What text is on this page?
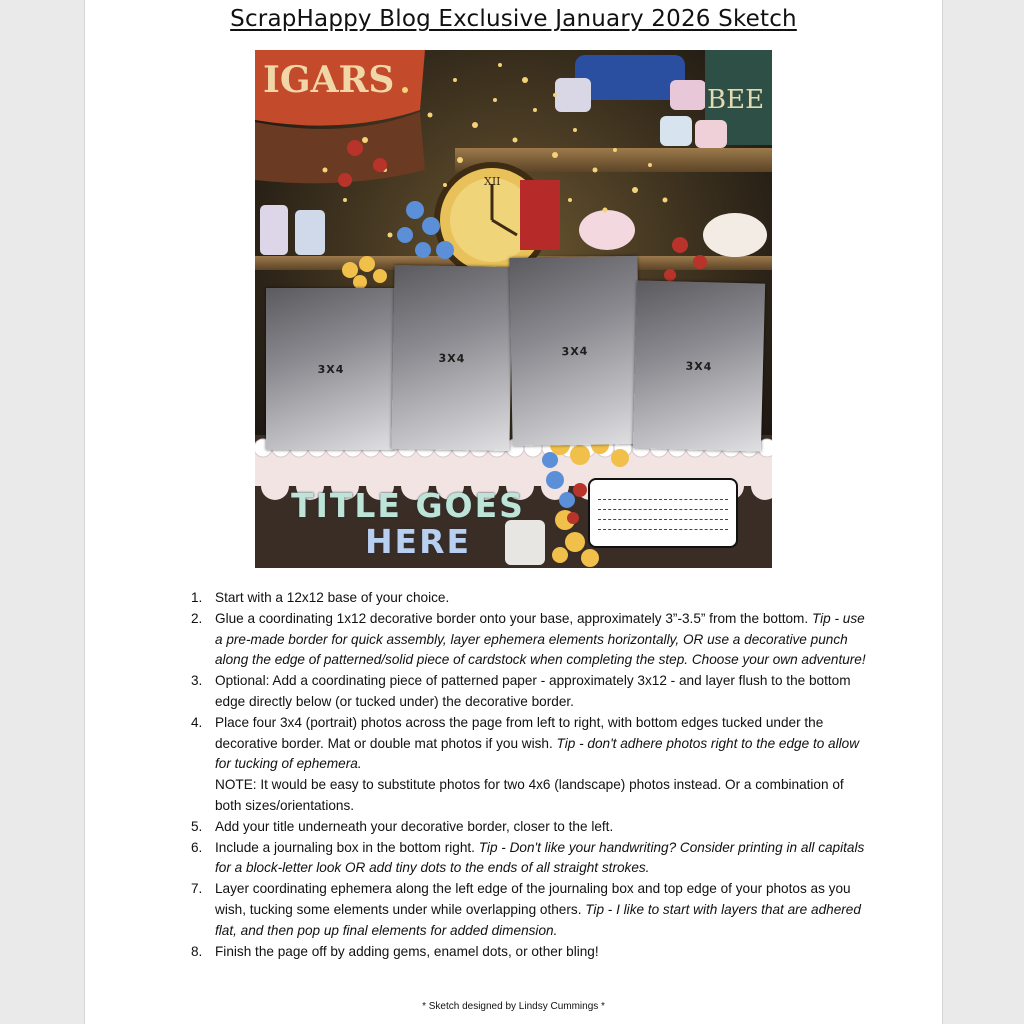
ScrapHappy Blog Exclusive January 2026 Sketch
IGARS	BEE
XII
3X4
3X4
3X4
3X4
TITLE GOES
HERE
1. Start with a 12x12 base of your choice.
2. Glue a coordinating 1x12 decorative border onto your base, approximately 3”-3.5” from the bottom. Tip - use a pre-made border for quick assembly, layer ephemera elements horizontally, OR use a decorative punch along the edge of patterned/solid piece of cardstock when completing the step. Choose your own adventure!
3. Optional: Add a coordinating piece of patterned paper - approximately 3x12 - and layer flush to the bottom edge directly below (or tucked under) the decorative border.
4. Place four 3x4 (portrait) photos across the page from left to right, with bottom edges tucked under the decorative border. Mat or double mat photos if you wish. Tip - don't adhere photos right to the edge to allow for tucking of ephemera.
NOTE: It would be easy to substitute photos for two 4x6 (landscape) photos instead. Or a combination of both sizes/orientations.
5. Add your title underneath your decorative border, closer to the left.
6. Include a journaling box in the bottom right. Tip - Don't like your handwriting? Consider printing in all capitals for a block-letter look OR add tiny dots to the ends of all straight strokes.
7. Layer coordinating ephemera along the left edge of the journaling box and top edge of your photos as you wish, tucking some elements under while overlapping others. Tip - I like to start with layers that are adhered flat, and then pop up final elements for added dimension.
8. Finish the page off by adding gems, enamel dots, or other bling!
* Sketch designed by Lindsy Cummings *
